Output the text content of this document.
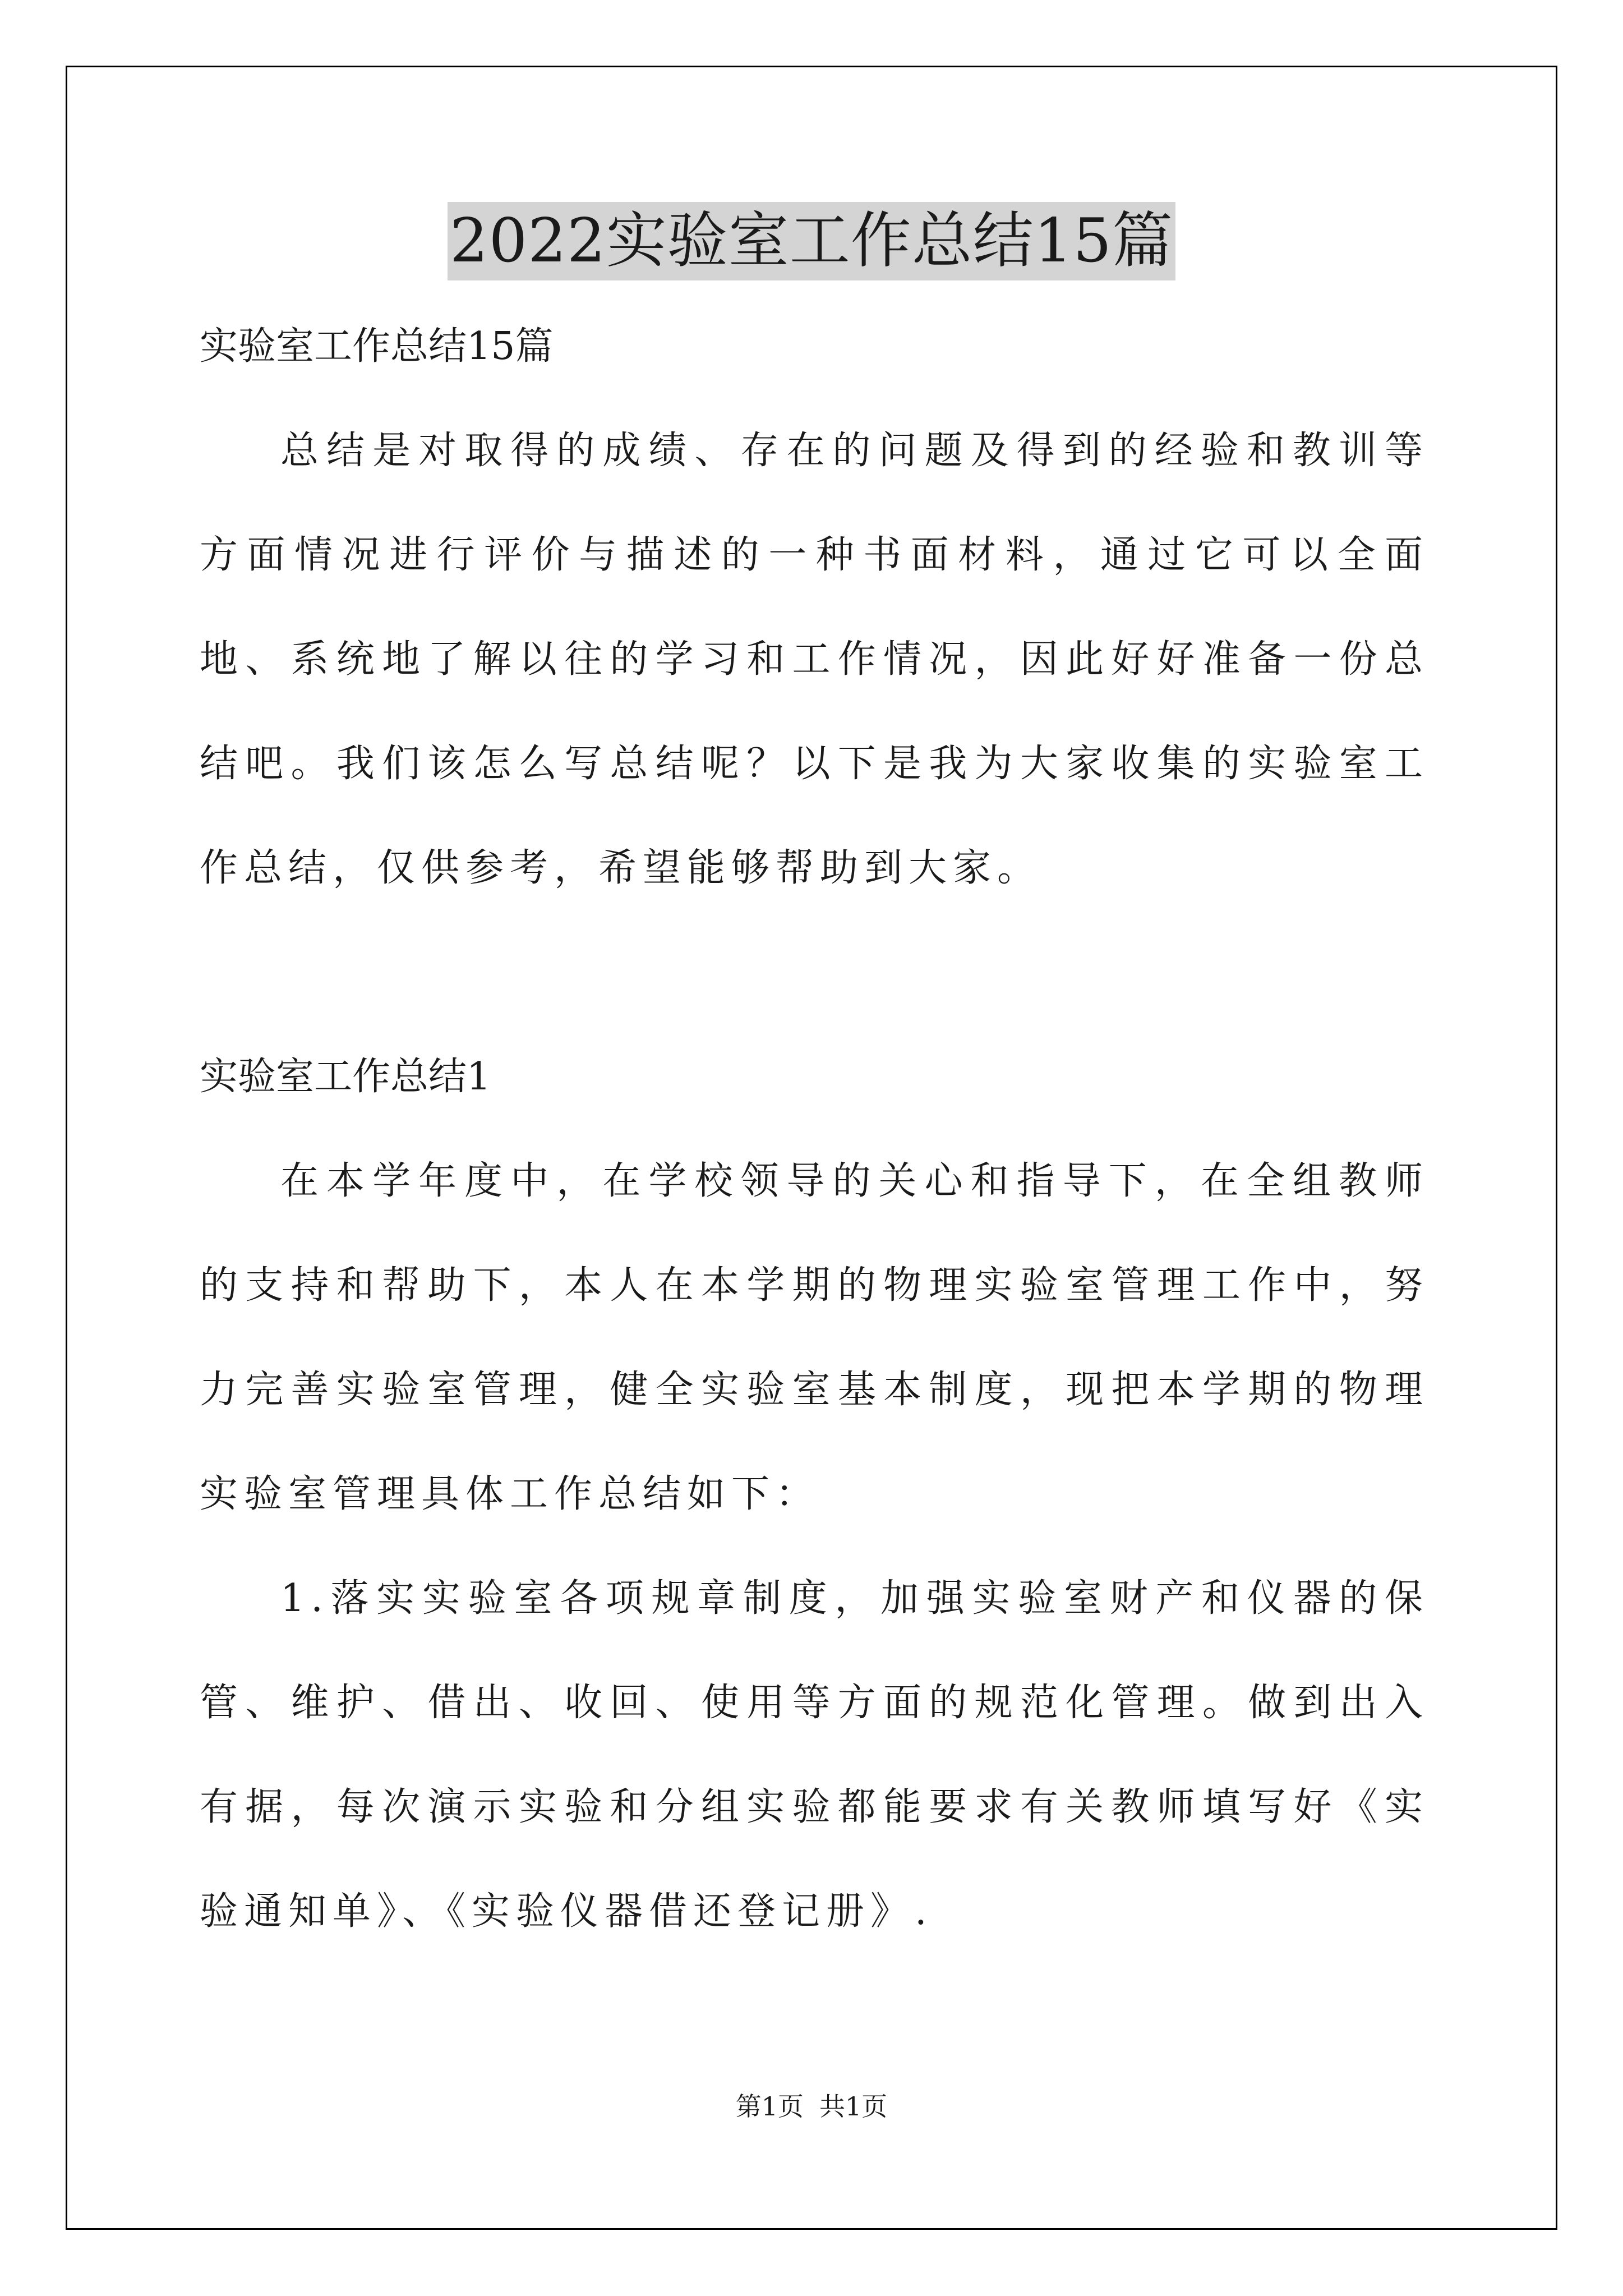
2022实验室工作总结15篇
实验室工作总结15篇

总结是对取得的成绩、存在的问题及得到的经验和教训等方面情况进行评价与描述的一种书面材料，通过它可以全面地、系统地了解以往的学习和工作情况，因此好好准备一份总结吧。我们该怎么写总结呢？以下是我为大家收集的实验室工作总结，仅供参考，希望能够帮助到大家。

实验室工作总结1

在本学年度中，在学校领导的关心和指导下，在全组教师的支持和帮助下，本人在本学期的物理实验室管理工作中，努力完善实验室管理，健全实验室基本制度，现把本学期的物理实验室管理具体工作总结如下：

1.落实实验室各项规章制度，加强实验室财产和仪器的保管、维护、借出、收回、使用等方面的规范化管理。做到出入有据，每次演示实验和分组实验都能要求有关教师填写好《实验通知单》、《实验仪器借还登记册》.

第1页 共1页
